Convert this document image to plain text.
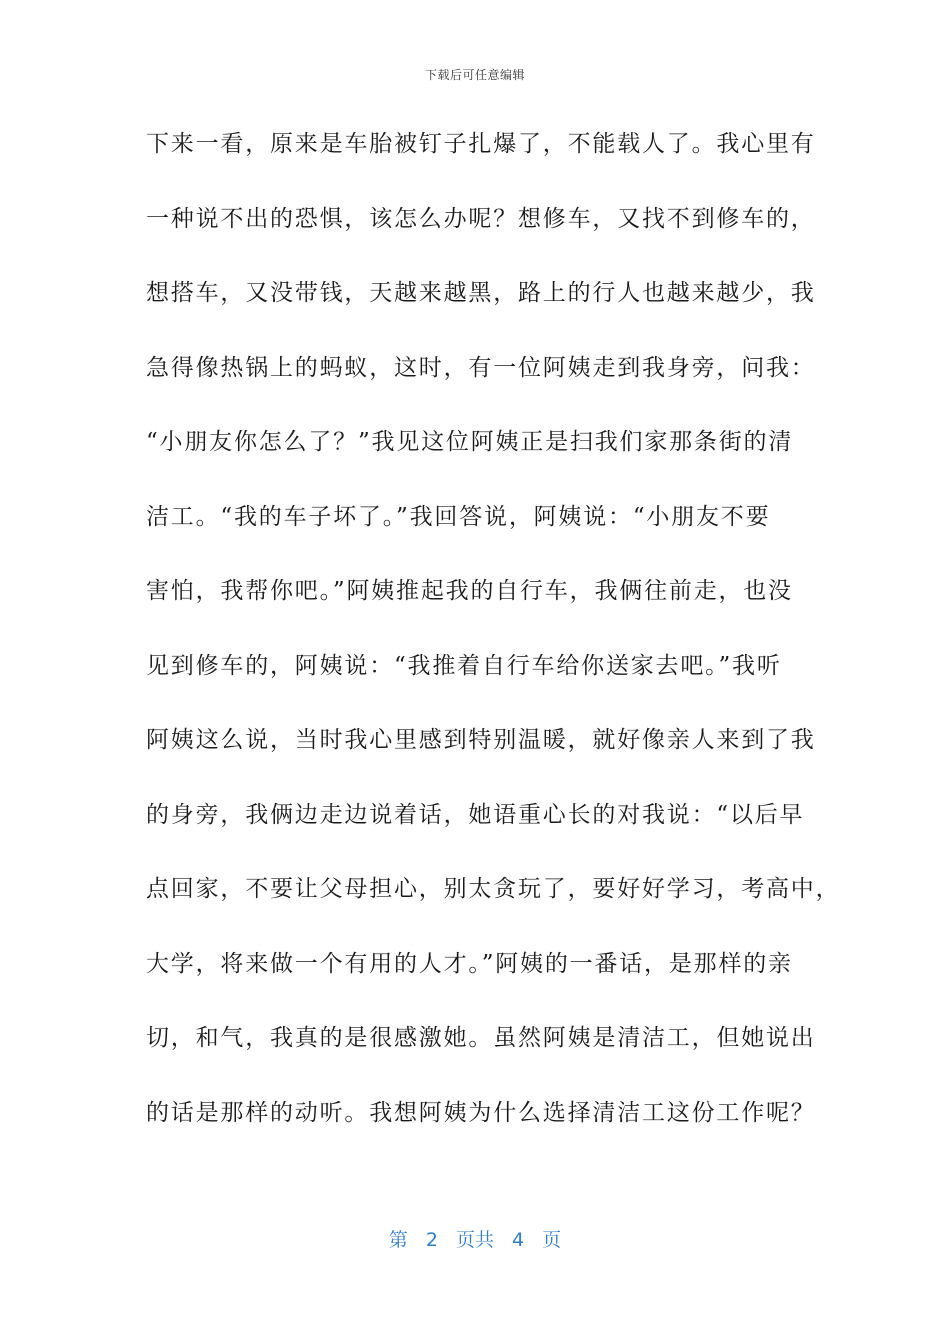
下载后可任意编辑
下来一看，原来是车胎被钉子扎爆了，不能载人了。我心里有
一种说不出的恐惧，该怎么办呢？想修车，又找不到修车的，
想搭车，又没带钱，天越来越黑，路上的行人也越来越少，我
急得像热锅上的蚂蚁，这时，有一位阿姨走到我身旁，问我：
“小朋友你怎么了？”我见这位阿姨正是扫我们家那条街的清
洁工。“我的车子坏了。”我回答说，阿姨说：“小朋友不要
害怕，我帮你吧。”阿姨推起我的自行车，我俩往前走，也没
见到修车的，阿姨说：“我推着自行车给你送家去吧。”我听
阿姨这么说，当时我心里感到特别温暖，就好像亲人来到了我
的身旁，我俩边走边说着话，她语重心长的对我说：“以后早
点回家，不要让父母担心，别太贪玩了，要好好学习，考高中，
大学，将来做一个有用的人才。”阿姨的一番话，是那样的亲
切，和气，我真的是很感激她。虽然阿姨是清洁工，但她说出
的话是那样的动听。我想阿姨为什么选择清洁工这份工作呢？
第 2 页共 4 页
